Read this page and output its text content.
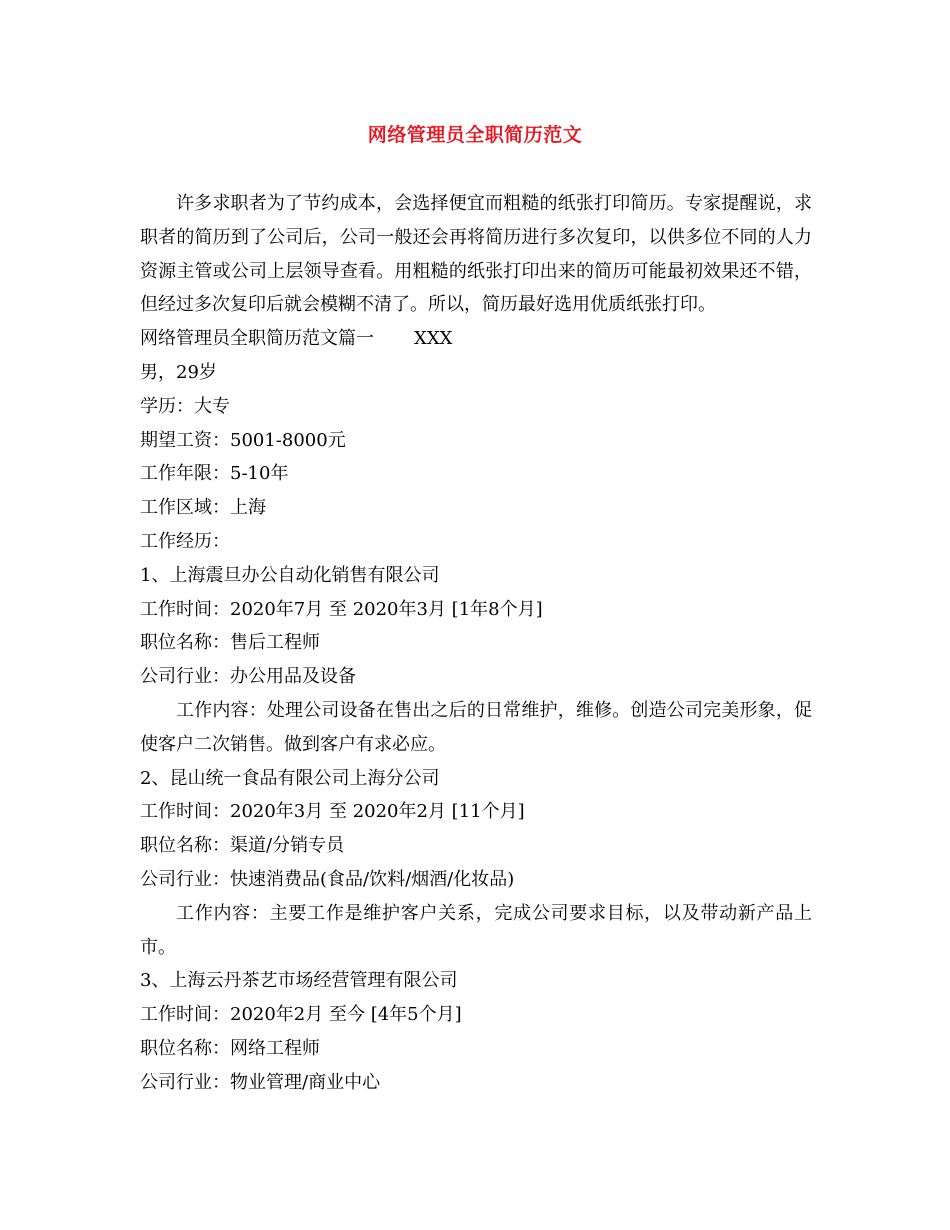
网络管理员全职简历范文

许多求职者为了节约成本，会选择便宜而粗糙的纸张打印简历。专家提醒说，求职者的简历到了公司后，公司一般还会再将简历进行多次复印，以供多位不同的人力资源主管或公司上层领导查看。用粗糙的纸张打印出来的简历可能最初效果还不错，但经过多次复印后就会模糊不清了。所以，简历最好选用优质纸张打印。

网络管理员全职简历范文篇一 XXX

男，29岁

学历：大专

期望工资：5001-8000元

工作年限：5-10年

工作区域：上海

工作经历：

1、上海震旦办公自动化销售有限公司

工作时间：2020年7月 至 2020年3月 [1年8个月]

职位名称：售后工程师

公司行业：办公用品及设备

工作内容：处理公司设备在售出之后的日常维护，维修。创造公司完美形象，促使客户二次销售。做到客户有求必应。

2、昆山统一食品有限公司上海分公司

工作时间：2020年3月 至 2020年2月 [11个月]

职位名称：渠道/分销专员

公司行业：快速消费品(食品/饮料/烟酒/化妆品)

工作内容：主要工作是维护客户关系，完成公司要求目标，以及带动新产品上市。

3、上海云丹茶艺市场经营管理有限公司

工作时间：2020年2月 至今 [4年5个月]

职位名称：网络工程师

公司行业：物业管理/商业中心
